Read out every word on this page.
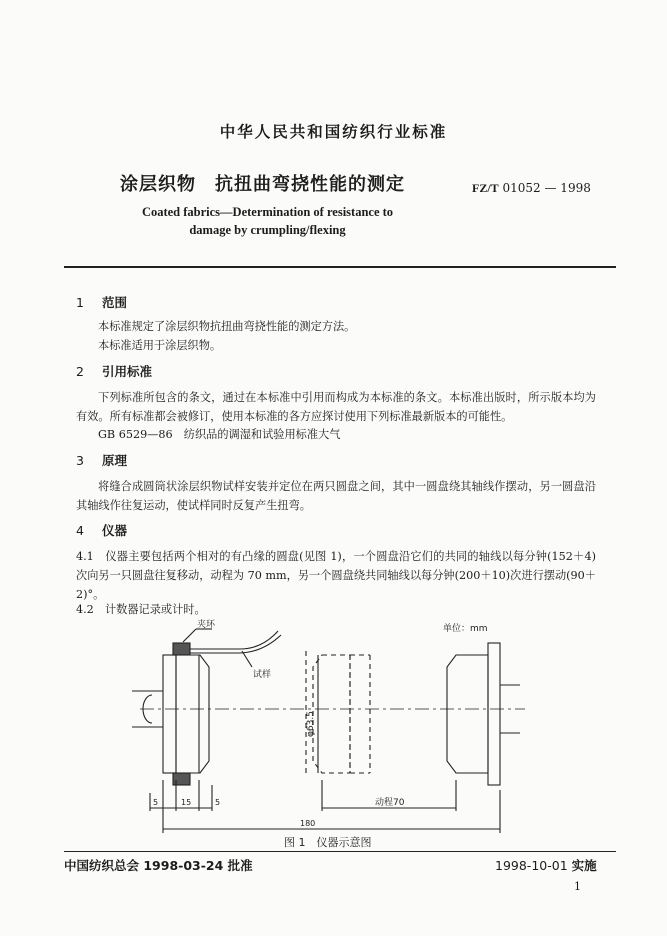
中华人民共和国纺织行业标准
涂层织物　抗扭曲弯挠性能的测定	FZ/T 01052 — 1998
Coated fabrics—Determination of resistance to
damage by crumpling/flexing
1 范围
本标准规定了涂层织物抗扭曲弯挠性能的测定方法。
本标准适用于涂层织物。
2 引用标准
下列标准所包含的条文，通过在本标准中引用而构成为本标准的条文。本标准出版时，所示版本均为有效。所有标准都会被修订，使用本标准的各方应探讨使用下列标准最新版本的可能性。
GB 6529—86　纺织品的调湿和试验用标准大气
3 原理
将缝合成圆筒状涂层织物试样安装并定位在两只圆盘之间，其中一圆盘绕其轴线作摆动，另一圆盘沿其轴线作往复运动，使试样同时反复产生扭弯。
4 仪器
4.1　仪器主要包括两个相对的有凸缘的圆盘(见图 1)，一个圆盘沿它们的共同的轴线以每分钟(152＋4)次向另一只圆盘往复移动，动程为 70 mm，另一个圆盘绕共同轴线以每分钟(200＋10)次进行摆动(90＋2)°。
4.2　计数器记录或计时。
夹环
试样
单位：mm
φ63.5
动程70
5	15	5
180
图 1　仪器示意图
中国纺织总会 1998-03-24 批准	1998-10-01 实施
1
